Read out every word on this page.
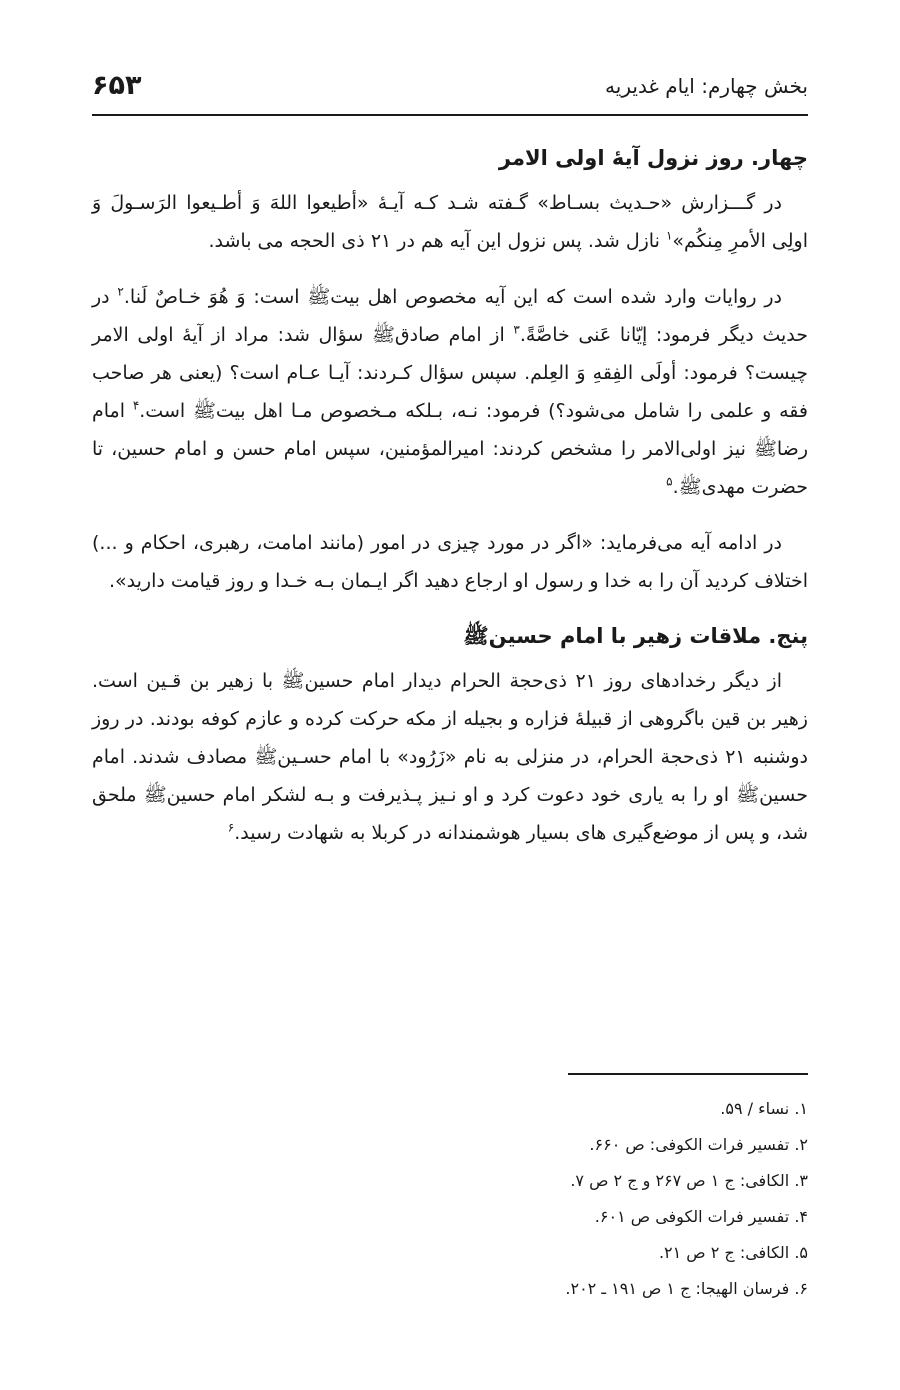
بخش چهارم: ایام غدیریه
۶۵۳
چهار. روز نزول آیهٔ اولی الامر

در گـــزارش «حـدیث بسـاط» گـفته شـد کـه آیـهٔ «أطیعوا اللهَ وَ أطـیعوا الرَسـولَ وَ اولِی الأمرِ مِنکُم»$^۱$ نازل شد. پس نزول این آیه هم در ۲۱ ذی الحجه می باشد.

در روایات وارد شده است که این آیه مخصوص اهل بیتﷺ است: وَ هُوَ خـاصٌ لَنا.$^۲$ در حدیث دیگر فرمود: إیّانا عَنی خاصَّةً.$^۳$ از امام صادقﷺ سؤال شد: مراد از آیهٔ اولی الامر چیست؟ فرمود: أولَی الفِقهِ وَ العِلم. سپس سؤال کـردند: آیـا عـام است؟ (یعنی هر صاحب فقه و علمی را شامل می‌شود؟) فرمود: نـه، بـلکه مـخصوص مـا اهل بیتﷺ است.$^۴$ امام رضاﷺ نیز اولی‌الامر را مشخص کردند: امیرالمؤمنین، سپس امام حسن و امام حسین، تا حضرت مهدیﷺ.$^۵$

در ادامه آیه می‌فرماید: «اگر در مورد چیزی در امور (مانند امامت، رهبری، احکام و ...) اختلاف کردید آن را به خدا و رسول او ارجاع دهید اگر ایـمان بـه خـدا و روز قیامت دارید».

پنج. ملاقات زهیر با امام حسینﷺ

از دیگر رخدادهای روز ۲۱ ذی‌حجة الحرام دیدار امام حسینﷺ با زهیر بن قـین است. زهیر بن قین باگروهی از قبیلهٔ فزاره و بجیله از مکه حرکت کرده و عازم کوفه بودند. در روز دوشنبه ۲۱ ذی‌حجة الحرام، در منزلی به نام «زَرُود» با امام حسـینﷺ مصادف شدند. امام حسینﷺ او را به یاری خود دعوت کرد و او نـیز پـذیرفت و بـه لشکر امام حسینﷺ ملحق شد، و پس از موضع‌گیری های بسیار هوشمندانه در کربلا به شهادت رسید.$^۶$

۱. نساء / ۵۹.
۲. تفسیر فرات الکوفی: ص ۶۶۰.
۳. الکافی: ج ۱ ص ۲۶۷ و ج ۲ ص ۷.
۴. تفسیر فرات الکوفی ص ۶۰۱.
۵. الکافی: ج ۲ ص ۲۱.
۶. فرسان الهیجا: ج ۱ ص ۱۹۱ ـ ۲۰۲.
